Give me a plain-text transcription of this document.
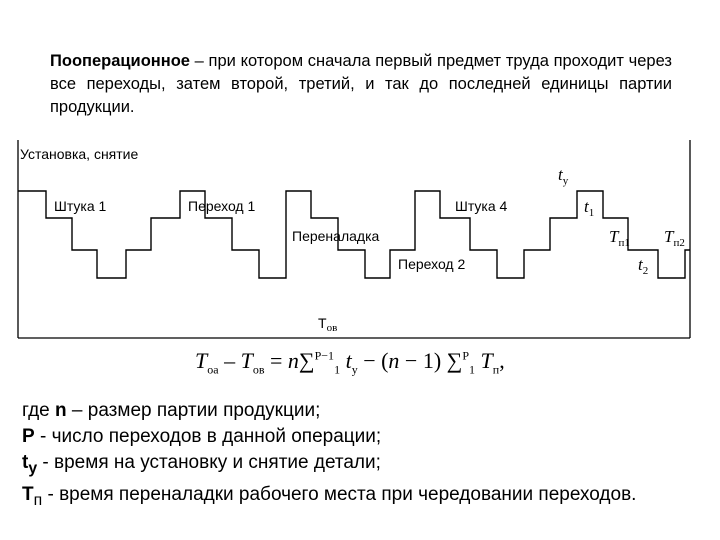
Пооперационное – при котором сначала первый предмет труда проходит через все переходы, затем второй, третий, и так до последней единицы партии продукции.
Установка, снятие
Штука 1	Переход 1	Штука 4
Переналадка
Переход 2
$Т_{ов}$
$t_у$
$t_1$
$T_{п1}$ $T_{п2}$
$t_2$
$T_{оа} - T_{ов} = n\sum^{P-1}_1$ $t_у - (n - 1)$ ∑$^P_1$ $T_п$,

где n – размер партии продукции;

P - число переходов в данной операции;

$t_у$ - время на установку и снятие детали;

$T_п$ - время переналадки рабочего места при чередовании переходов.
